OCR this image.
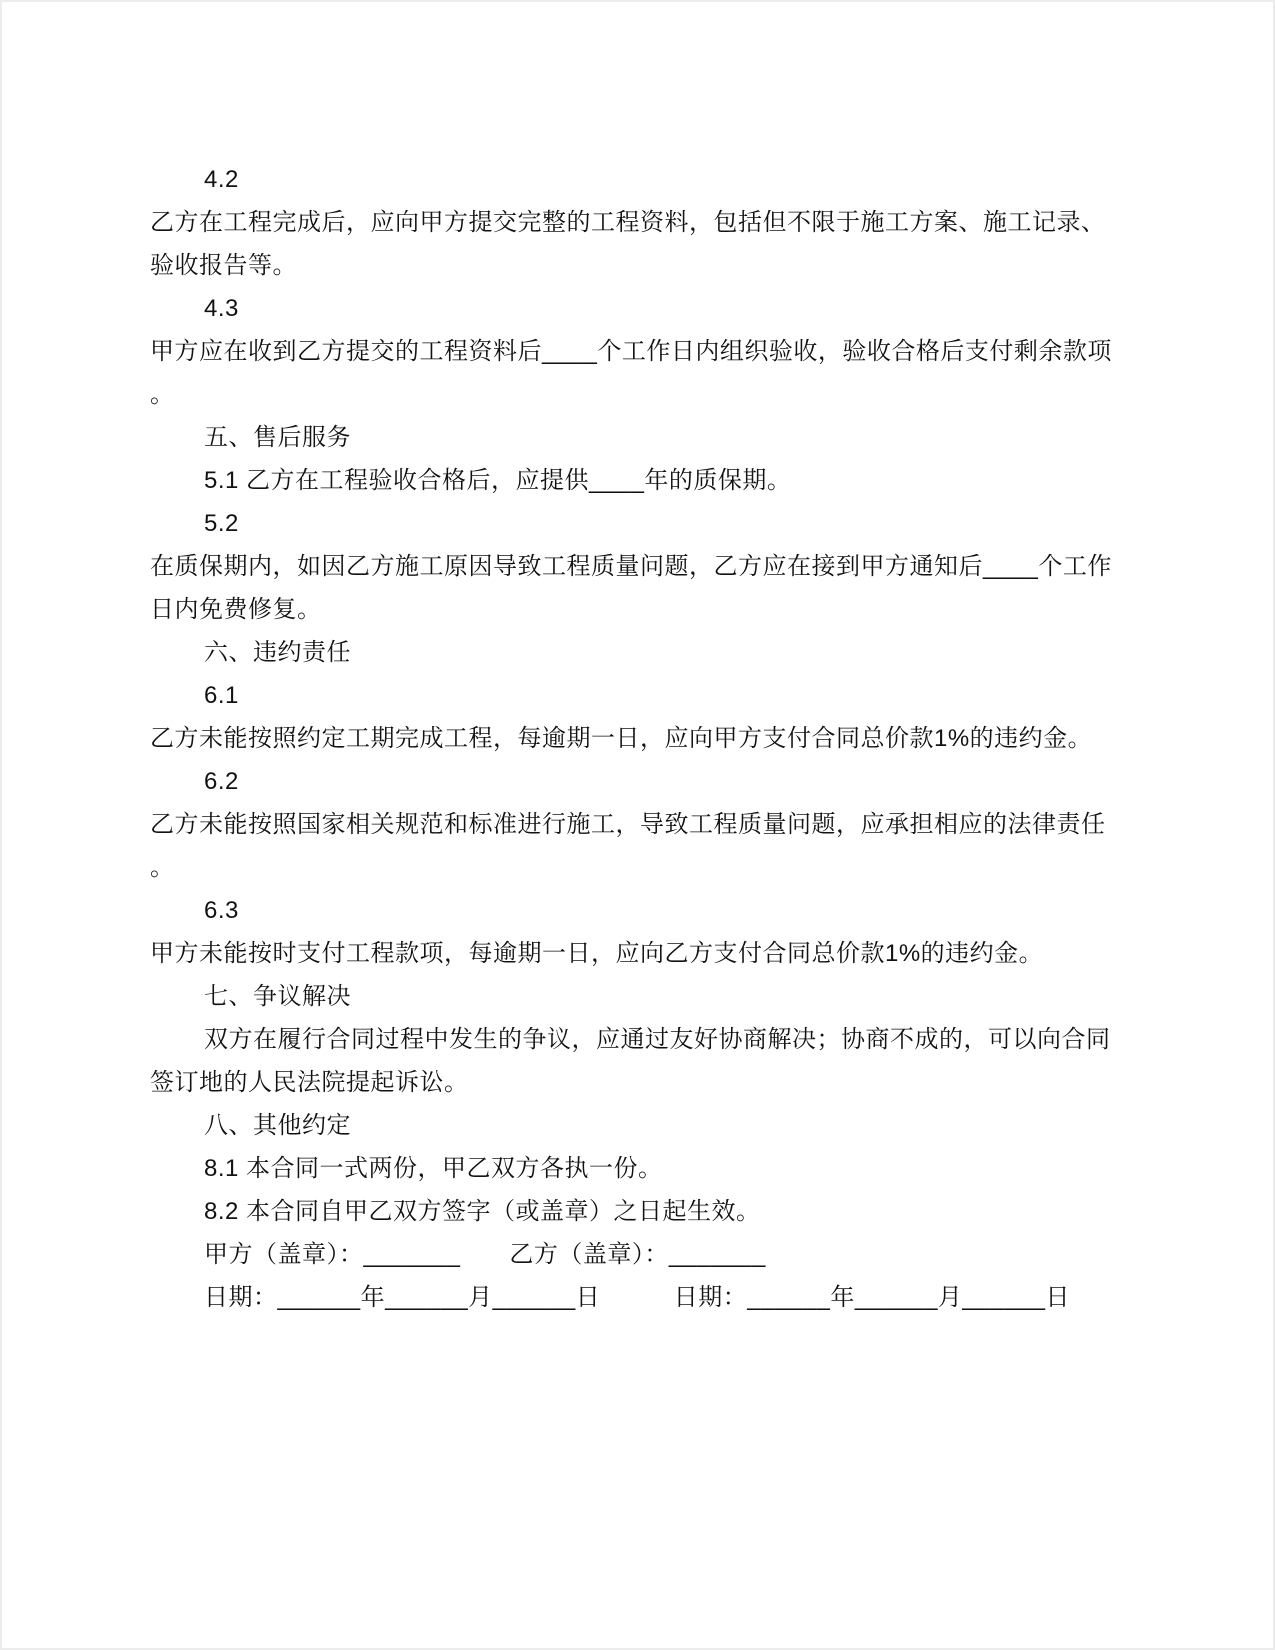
4.2
乙方在工程完成后，应向甲方提交完整的工程资料，包括但不限于施工方案、施工记录、
验收报告等。
4.3
甲方应在收到乙方提交的工程资料后____个工作日内组织验收，验收合格后支付剩余款项
。
五、售后服务
5.1 乙方在工程验收合格后，应提供____年的质保期。
5.2
在质保期内，如因乙方施工原因导致工程质量问题，乙方应在接到甲方通知后____个工作
日内免费修复。
六、违约责任
6.1
乙方未能按照约定工期完成工程，每逾期一日，应向甲方支付合同总价款1%的违约金。
6.2
乙方未能按照国家相关规范和标准进行施工，导致工程质量问题，应承担相应的法律责任
。
6.3
甲方未能按时支付工程款项，每逾期一日，应向乙方支付合同总价款1%的违约金。
七、争议解决
双方在履行合同过程中发生的争议，应通过友好协商解决；协商不成的，可以向合同
签订地的人民法院提起诉讼。
八、其他约定
8.1 本合同一式两份，甲乙双方各执一份。
8.2 本合同自甲乙双方签字（或盖章）之日起生效。
甲方（盖章）：_______　　乙方（盖章）：_______
日期：______年______月______日　　　日期：______年______月______日
